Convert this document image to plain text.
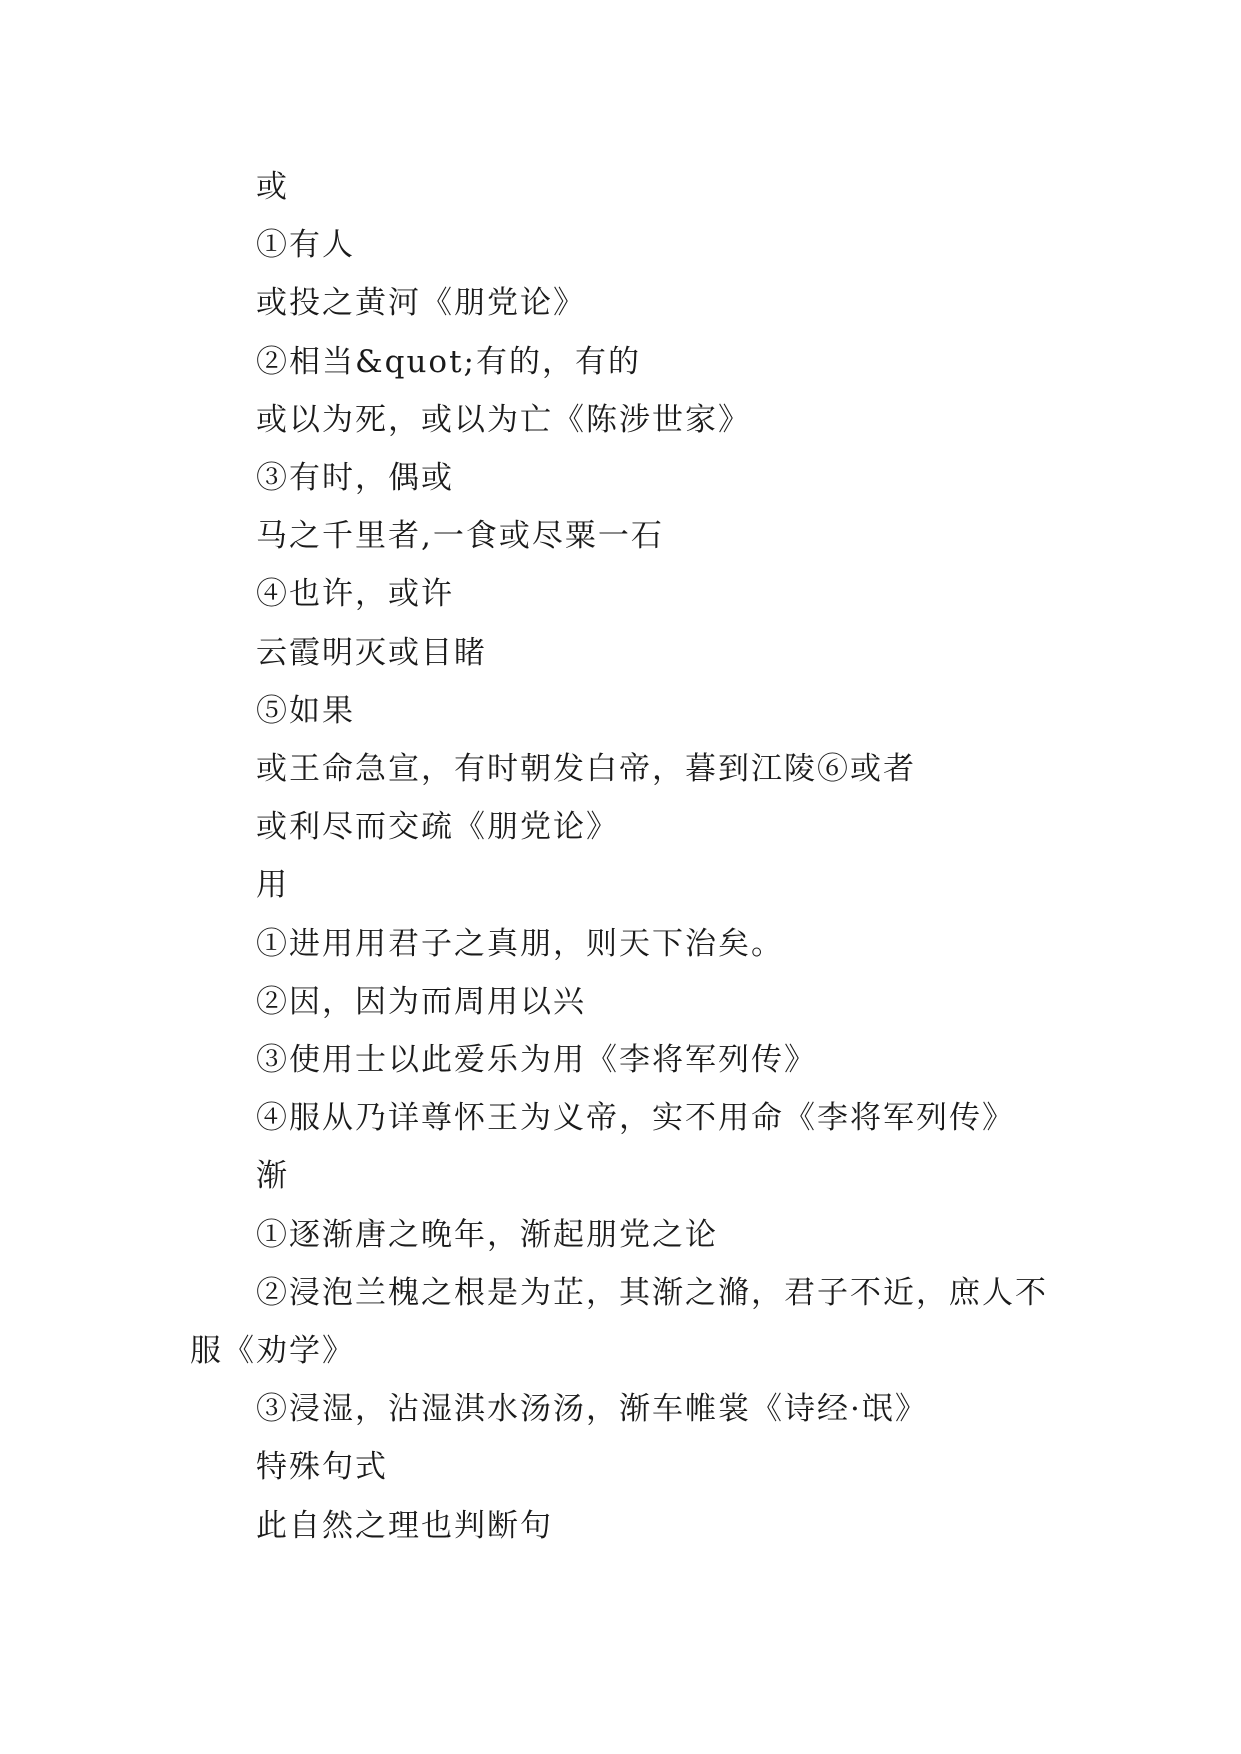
或

①有人

或投之黄河《朋党论》

②相当&quot;有的，有的

或以为死，或以为亡《陈涉世家》

③有时，偶或

马之千里者,一食或尽粟一石

④也许，或许

云霞明灭或目睹

⑤如果

或王命急宣，有时朝发白帝，暮到江陵⑥或者

或利尽而交疏《朋党论》

用

①进用用君子之真朋，则天下治矣。

②因，因为而周用以兴

③使用士以此爱乐为用《李将军列传》

④服从乃详尊怀王为义帝，实不用命《李将军列传》

渐

①逐渐唐之晚年，渐起朋党之论

②浸泡兰槐之根是为芷，其渐之滫，君子不近，庶人不服《劝学》

③浸湿，沾湿淇水汤汤，渐车帷裳《诗经·氓》

特殊句式

此自然之理也判断句
